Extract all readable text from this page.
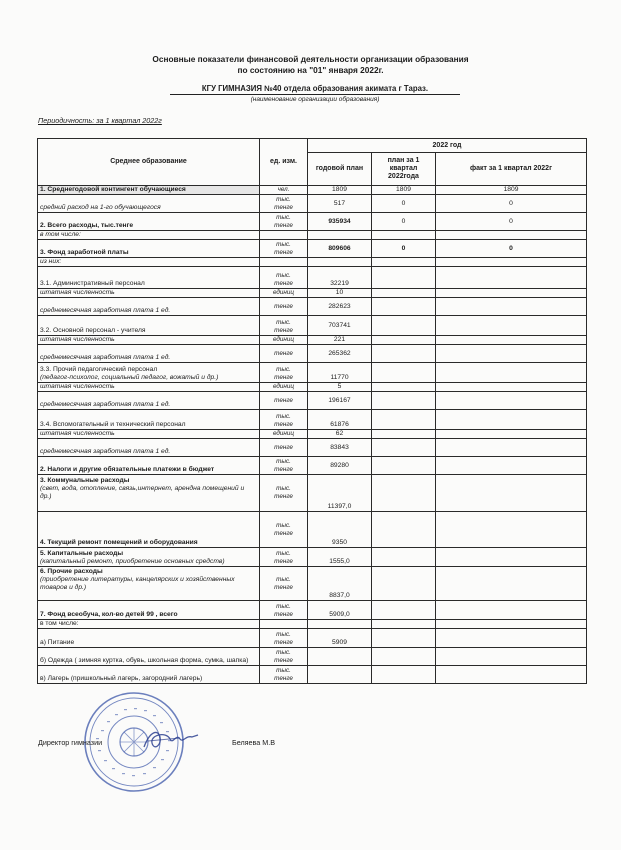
Основные показатели финансовой деятельности организации образования
по состоянию на "01" января 2022г.
КГУ ГИМНАЗИЯ №40 отдела образования акимата г Тараз.
(наименование организации образования)
Периодичность: за 1 квартал 2022г
Среднее образование	ед. изм.	2022 год		
		годовой план	план за 1 квартал 2022года	факт за 1 квартал 2022г
1. Среднегодовой контингент обучающиеся	чел.	1809	1809	1809
средний расход на 1-го обучающегося	тыс.
тенге	517	0	0
2. Всего расходы, тыс.тенге	тыс.
тенге	935934	0	0
в том числе:				
3. Фонд заработной платы	тыс.
тенге	809606	0	0
из них:				
3.1. Административный персонал	тыс.
тенге	32219		
штатная численность	единиц	10		
среднемесячная заработная плата 1 ед.	тенге	282623		
3.2. Основной персонал - учителя	тыс.
тенге	703741		
штатная численность	единиц	221		
среднемесячная заработная плата 1 ед.	тенге	265362		
3.3. Прочий педагогический персонал
(педагог-психолог, социальный педагог, вожатый и др.)	тыс.
тенге	11770		
штатная численность	единиц	5		
среднемесячная заработная плата 1 ед.	тенге	196167		
3.4. Вспомогательный и технический персонал	тыс.
тенге	61876		
штатная численность	единиц	62		
среднемесячная заработная плата 1 ед.	тенге	83843		
2. Налоги и другие обязательные платежи в бюджет	тыс.
тенге	89280		
3. Коммунальные расходы
(свет, вода, отопление, связь,интернет, арeндна помещений и др.)	тыс.
тенге	11397,0		
4. Текущий ремонт помещений и оборудования	тыс.
тенге	9350		
5. Капитальные расходы
(капитальный ремонт, приобретение основных средств)	тыс.
тенге	1555,0		
6. Прочие расходы
(приобретение литературы, канцелярских и хозяйственных товаров и др.)	тыс.
тенге	8837,0		
7. Фонд всеобуча, кол-во детей 99 , всего	тыс.
тенге	5909,0		
в том числе:				
а) Питание	тыс.
тенге	5909		
б) Одежда ( зимняя куртка, обувь, школьная форма, сумка, шапка)	тыс.
тенге			
в) Лагерь (пришкольный лагерь, загородний лагерь)	тыс.
тенге			
Директор гимназии	Беляева М.В
